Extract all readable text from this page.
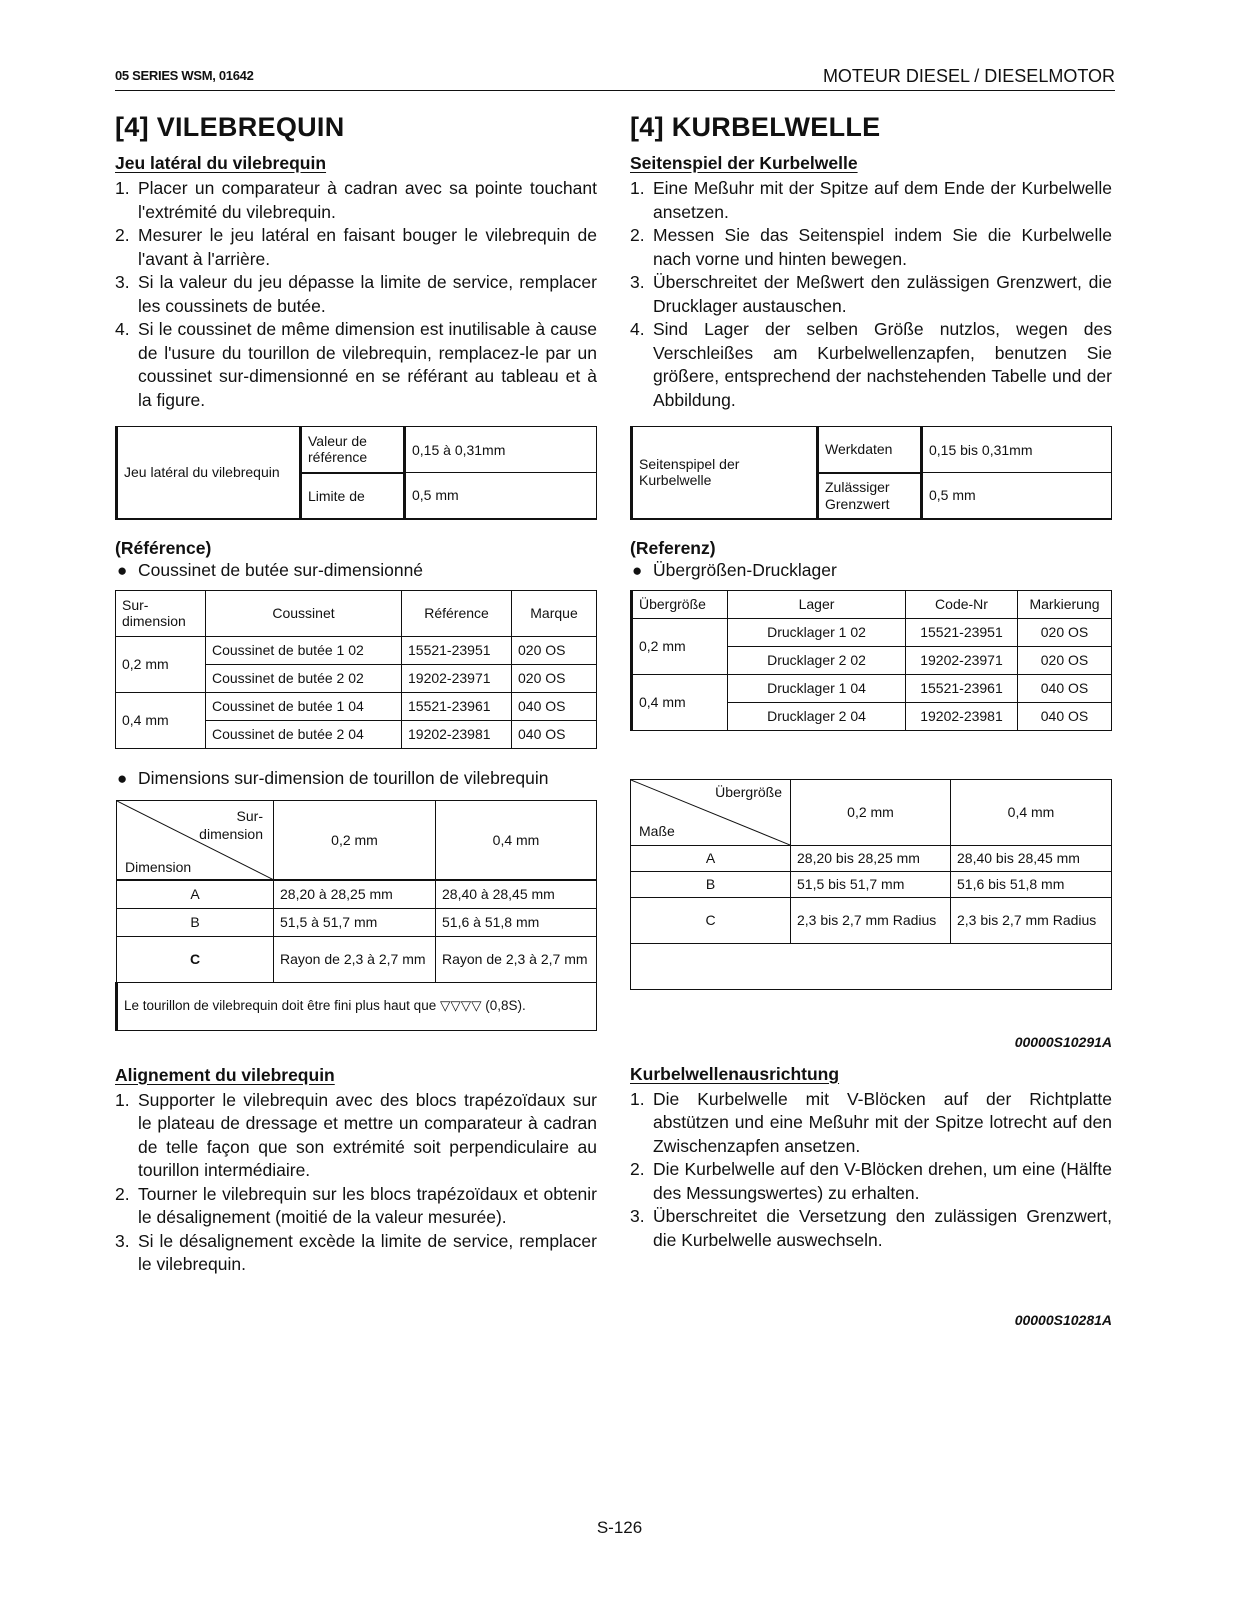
05 SERIES WSM, 01642	MOTEUR DIESEL / DIESELMOTOR
[4] VILEBREQUIN
Jeu latéral du vilebrequin
1. Placer un comparateur à cadran avec sa pointe touchant l'extrémité du vilebrequin.
2. Mesurer le jeu latéral en faisant bouger le vilebrequin de l'avant à l'arrière.
3. Si la valeur du jeu dépasse la limite de service, remplacer les coussinets de butée.
4. Si le coussinet de même dimension est inutilisable à cause de l'usure du tourillon de vilebrequin, remplacez-le par un coussinet sur-dimensionné en se référant au tableau et à la figure.
Jeu latéral du vilebrequin	Valeur de référence	0,15 à 0,31mm
	Limite de	0,5 mm
(Référence)
● Coussinet de butée sur-dimensionné
Sur-dimension	Coussinet	Référence	Marque
0,2 mm	Coussinet de butée 1 02	15521-23951	020 OS
	Coussinet de butée 2 02	19202-23971	020 OS
0,4 mm	Coussinet de butée 1 04	15521-23961	040 OS
	Coussinet de butée 2 04	19202-23981	040 OS
● Dimensions sur-dimension de tourillon de vilebrequin
Sur-dimension
Dimension	0,2 mm	0,4 mm
A	28,20 à 28,25 mm	28,40 à 28,45 mm
B	51,5 à 51,7 mm	51,6 à 51,8 mm
C	Rayon de 2,3 à 2,7 mm	Rayon de 2,3 à 2,7 mm
Le tourillon de vilebrequin doit être fini plus haut que ▽▽▽▽ (0,8S).		
Alignement du vilebrequin
1. Supporter le vilebrequin avec des blocs trapézoïdaux sur le plateau de dressage et mettre un comparateur à cadran de telle façon que son extrémité soit perpendiculaire au tourillon intermédiaire.
2. Tourner le vilebrequin sur les blocs trapézoïdaux et obtenir le désalignement (moitié de la valeur mesurée).
3. Si le désalignement excède la limite de service, remplacer le vilebrequin.
[4] KURBELWELLE
Seitenspiel der Kurbelwelle
1. Eine Meßuhr mit der Spitze auf dem Ende der Kurbelwelle ansetzen.
2. Messen Sie das Seitenspiel indem Sie die Kurbelwelle nach vorne und hinten bewegen.
3. Überschreitet der Meßwert den zulässigen Grenzwert, die Drucklager austauschen.
4. Sind Lager der selben Größe nutzlos, wegen des Verschleißes am Kurbelwellenzapfen, benutzen Sie größere, entsprechend der nachstehenden Tabelle und der Abbildung.
Seitenspipel der Kurbelwelle	Werkdaten	0,15 bis 0,31mm
	Zulässiger Grenzwert	0,5 mm
(Referenz)
● Übergrößen-Drucklager
Übergröße	Lager	Code-Nr	Markierung
0,2 mm	Drucklager 1 02	15521-23951	020 OS
	Drucklager 2 02	19202-23971	020 OS
0,4 mm	Drucklager 1 04	15521-23961	040 OS
	Drucklager 2 04	19202-23981	040 OS
Übergröße
Maße	0,2 mm	0,4 mm
A	28,20 bis 28,25 mm	28,40 bis 28,45 mm
B	51,5 bis 51,7 mm	51,6 bis 51,8 mm
C	2,3 bis 2,7 mm Radius	2,3 bis 2,7 mm Radius

00000S10291A
Kurbelwellenausrichtung
1. Die Kurbelwelle mit V-Blöcken auf der Richtplatte abstützen und eine Meßuhr mit der Spitze lotrecht auf den Zwischenzapfen ansetzen.
2. Die Kurbelwelle auf den V-Blöcken drehen, um eine (Hälfte des Messungswertes) zu erhalten.
3. Überschreitet die Versetzung den zulässigen Grenzwert, die Kurbelwelle auswechseln.
00000S10281A
S-126
